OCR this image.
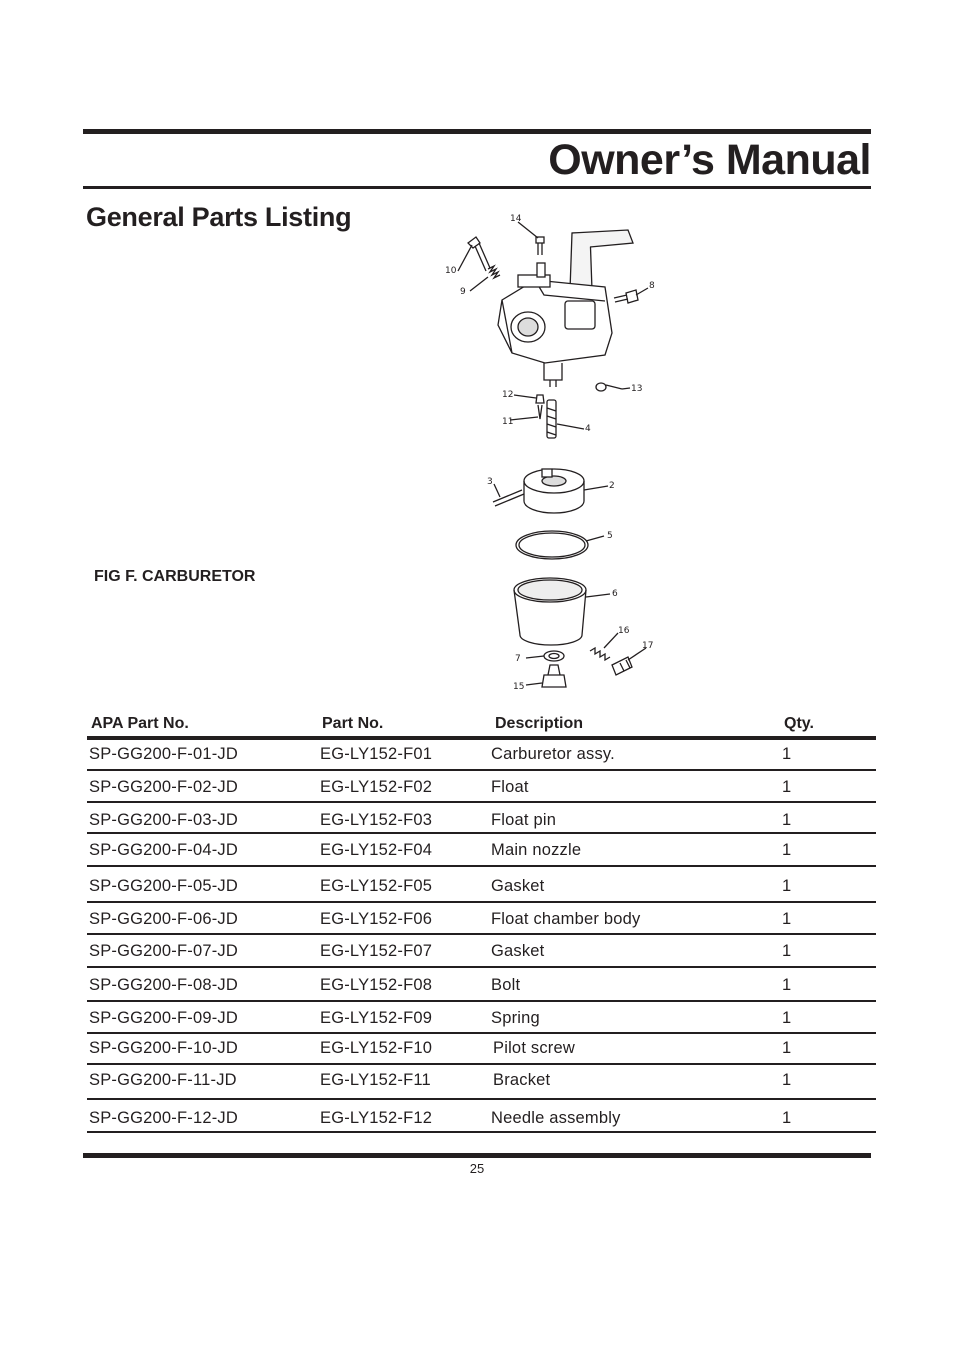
Owner’s Manual
General Parts Listing	14
10
9
8
12
13
11
4
3	2
5
6
16
17
7
15
FIG F. CARBURETOR
APA Part No.	Part No.	Description	Qty.
SP-GG200-F-01-JD	EG-LY152-F01	Carburetor assy.	1
SP-GG200-F-02-JD	EG-LY152-F02	Float	1
SP-GG200-F-03-JD	EG-LY152-F03	Float pin	1
SP-GG200-F-04-JD	EG-LY152-F04	Main nozzle	1
SP-GG200-F-05-JD	EG-LY152-F05	Gasket	1
SP-GG200-F-06-JD	EG-LY152-F06	Float chamber body	1
SP-GG200-F-07-JD	EG-LY152-F07	Gasket	1
SP-GG200-F-08-JD	EG-LY152-F08	Bolt	1
SP-GG200-F-09-JD	EG-LY152-F09	Spring	1
SP-GG200-F-10-JD	EG-LY152-F10	Pilot screw	1
SP-GG200-F-11-JD	EG-LY152-F11	Bracket	1
SP-GG200-F-12-JD	EG-LY152-F12	Needle assembly	1
25
